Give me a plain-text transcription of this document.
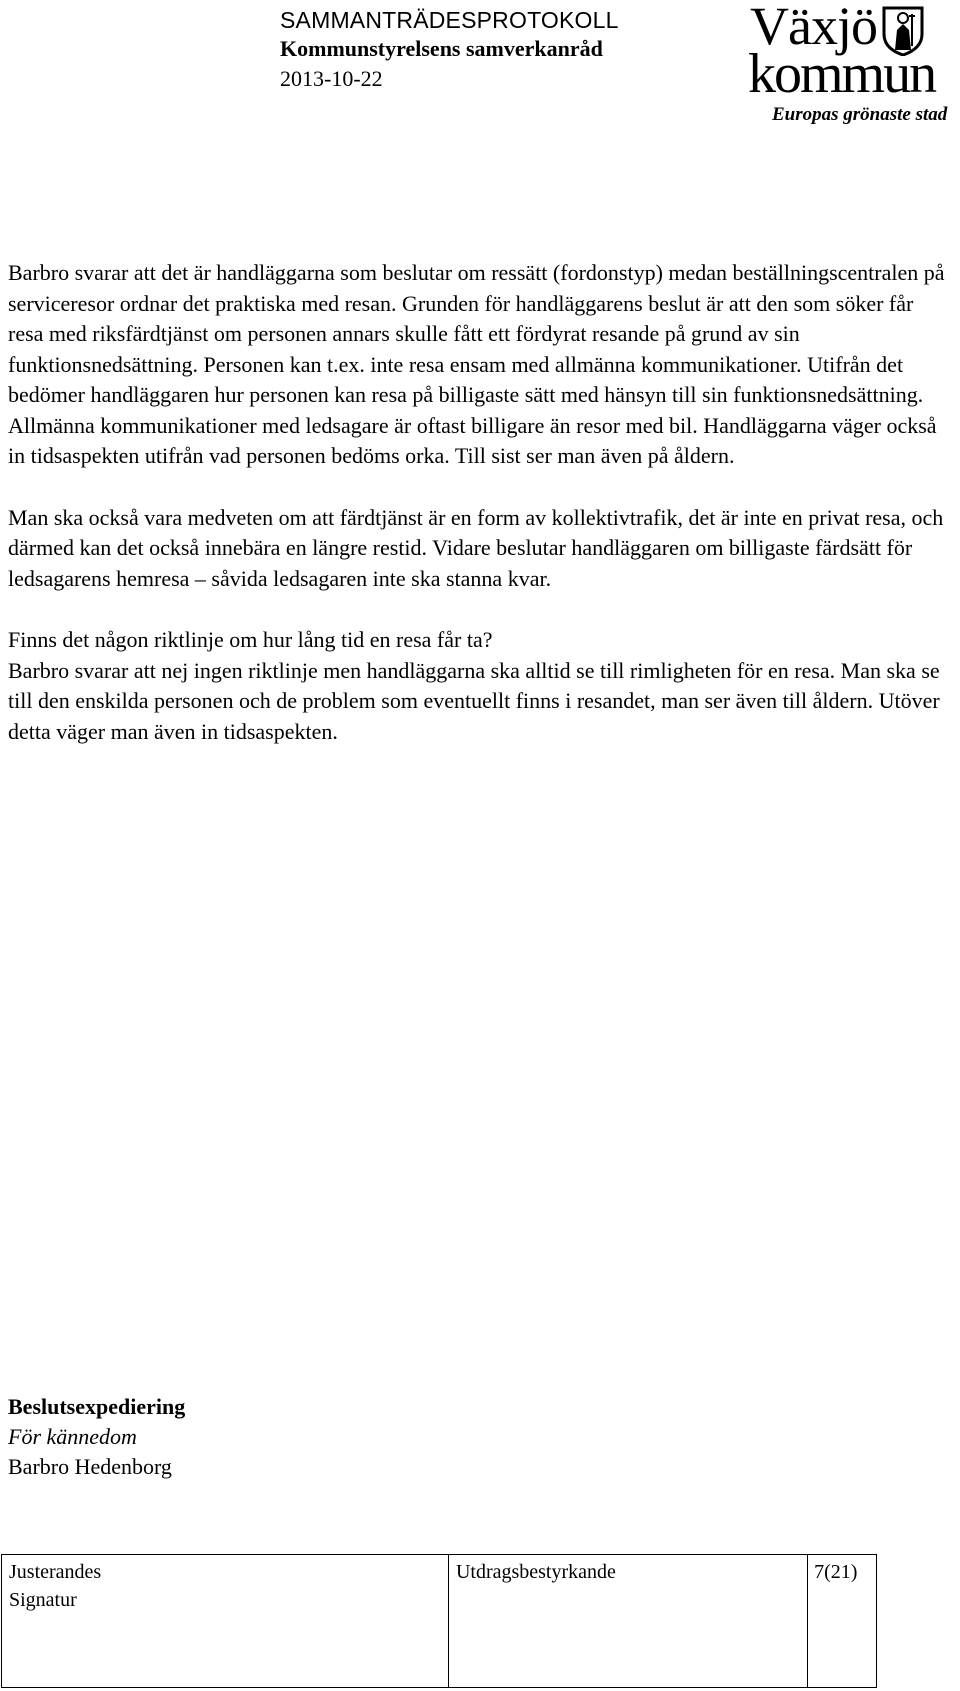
SAMMANTRÄDESPROTOKOLL
Kommunstyrelsens samverkanråd
2013-10-22
Växjö
kommun
Europas grönaste stad

Barbro svarar att det är handläggarna som beslutar om ressätt (fordonstyp) medan beställningscentralen på serviceresor ordnar det praktiska med resan. Grunden för handläggarens beslut är att den som söker får resa med riksfärdtjänst om personen annars skulle fått ett fördyrat resande på grund av sin funktionsnedsättning. Personen kan t.ex. inte resa ensam med allmänna kommunikationer. Utifrån det bedömer handläggaren hur personen kan resa på billigaste sätt med hänsyn till sin funktionsnedsättning. Allmänna kommunikationer med ledsagare är oftast billigare än resor med bil. Handläggarna väger också in tidsaspekten utifrån vad personen bedöms orka. Till sist ser man även på åldern.

Man ska också vara medveten om att färdtjänst är en form av kollektivtrafik, det är inte en privat resa, och därmed kan det också innebära en längre restid. Vidare beslutar handläggaren om billigaste färdsätt för ledsagarens hemresa – såvida ledsagaren inte ska stanna kvar.

Finns det någon riktlinje om hur lång tid en resa får ta?
Barbro svarar att nej ingen riktlinje men handläggarna ska alltid se till rimligheten för en resa. Man ska se till den enskilda personen och de problem som eventuellt finns i resandet, man ser även till åldern. Utöver detta väger man även in tidsaspekten.

Beslutsexpediering
För kännedom
Barbro Hedenborg
Justerandes
Signatur
Utdragsbestyrkande	7(21)
